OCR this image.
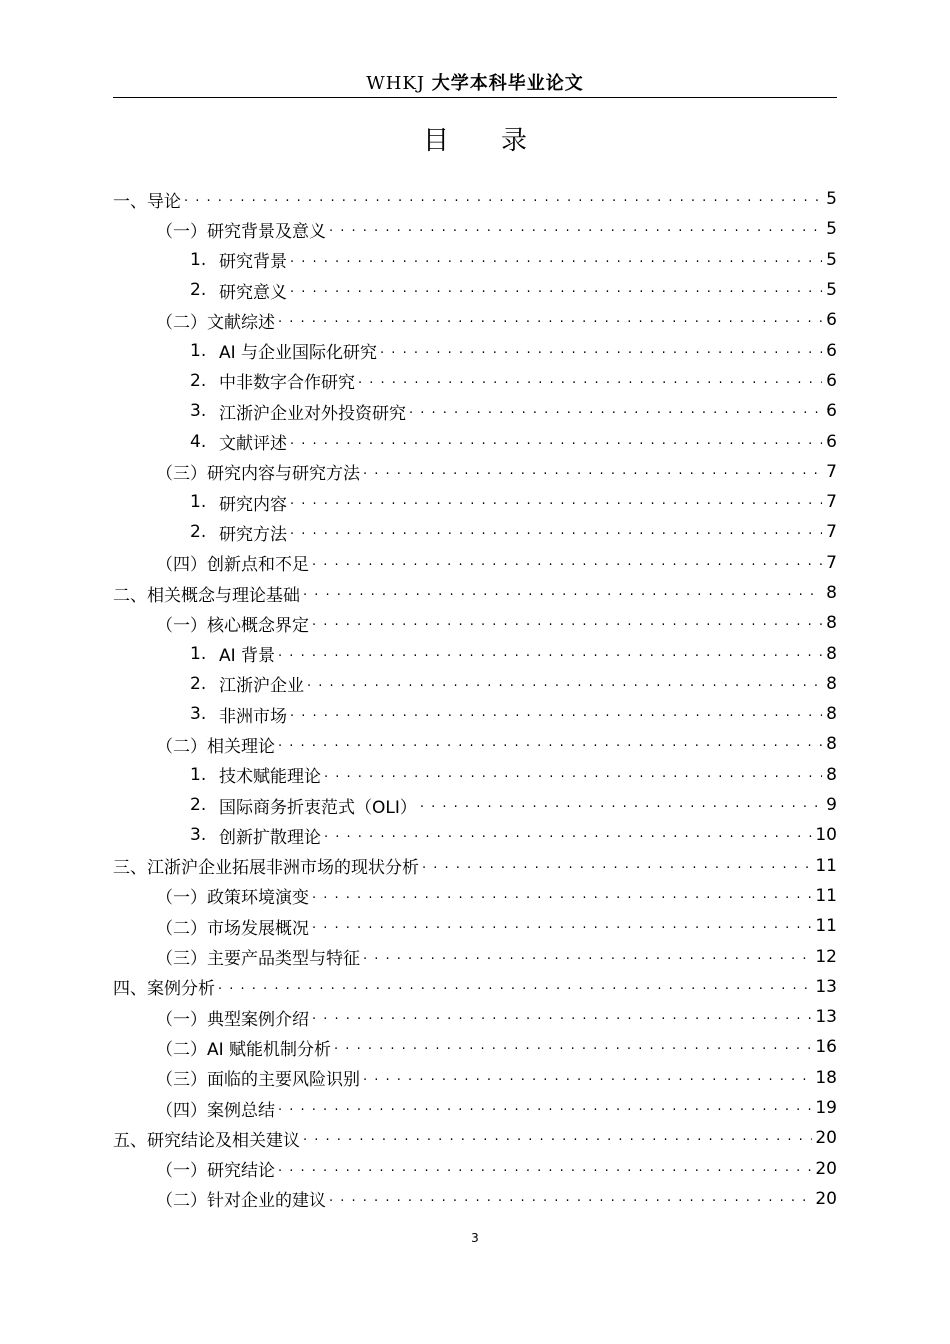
WHKJ 大学本科毕业论文
目录
一、导论 . . .	5
（一）研究背景及意义 . . .	5
1. 研究背景 . . .	5
2. 研究意义 . . .	5
（二）文献综述 . . .	6
1. AI 与企业国际化研究 . . .	6
2. 中非数字合作研究 . . .	6
3. 江浙沪企业对外投资研究 . . .	6
4. 文献评述 . . .	6
（三）研究内容与研究方法 . . .	7
1. 研究内容 . . .	7
2. 研究方法 . . .	7
（四）创新点和不足 . . .	7
二、相关概念与理论基础 . . .	8
（一）核心概念界定 . . .	8
1. AI 背景 . . .	8
2. 江浙沪企业 . . .	8
3. 非洲市场 . . .	8
（二）相关理论 . . .	8
1. 技术赋能理论 . . .	8
2. 国际商务折衷范式（OLI） . . .	9
3. 创新扩散理论 . . .	10
三、江浙沪企业拓展非洲市场的现状分析 . . .	11
（一）政策环境演变 . . .	11
（二）市场发展概况 . . .	11
（三）主要产品类型与特征 . . .	12
四、案例分析 . . .	13
（一）典型案例介绍 . . .	13
（二）AI 赋能机制分析 . . .	16
（三）面临的主要风险识别 . . .	18
（四）案例总结 . . .	19
五、研究结论及相关建议 . . .	20
（一）研究结论 . . .	20
（二）针对企业的建议 . . .	20
3
